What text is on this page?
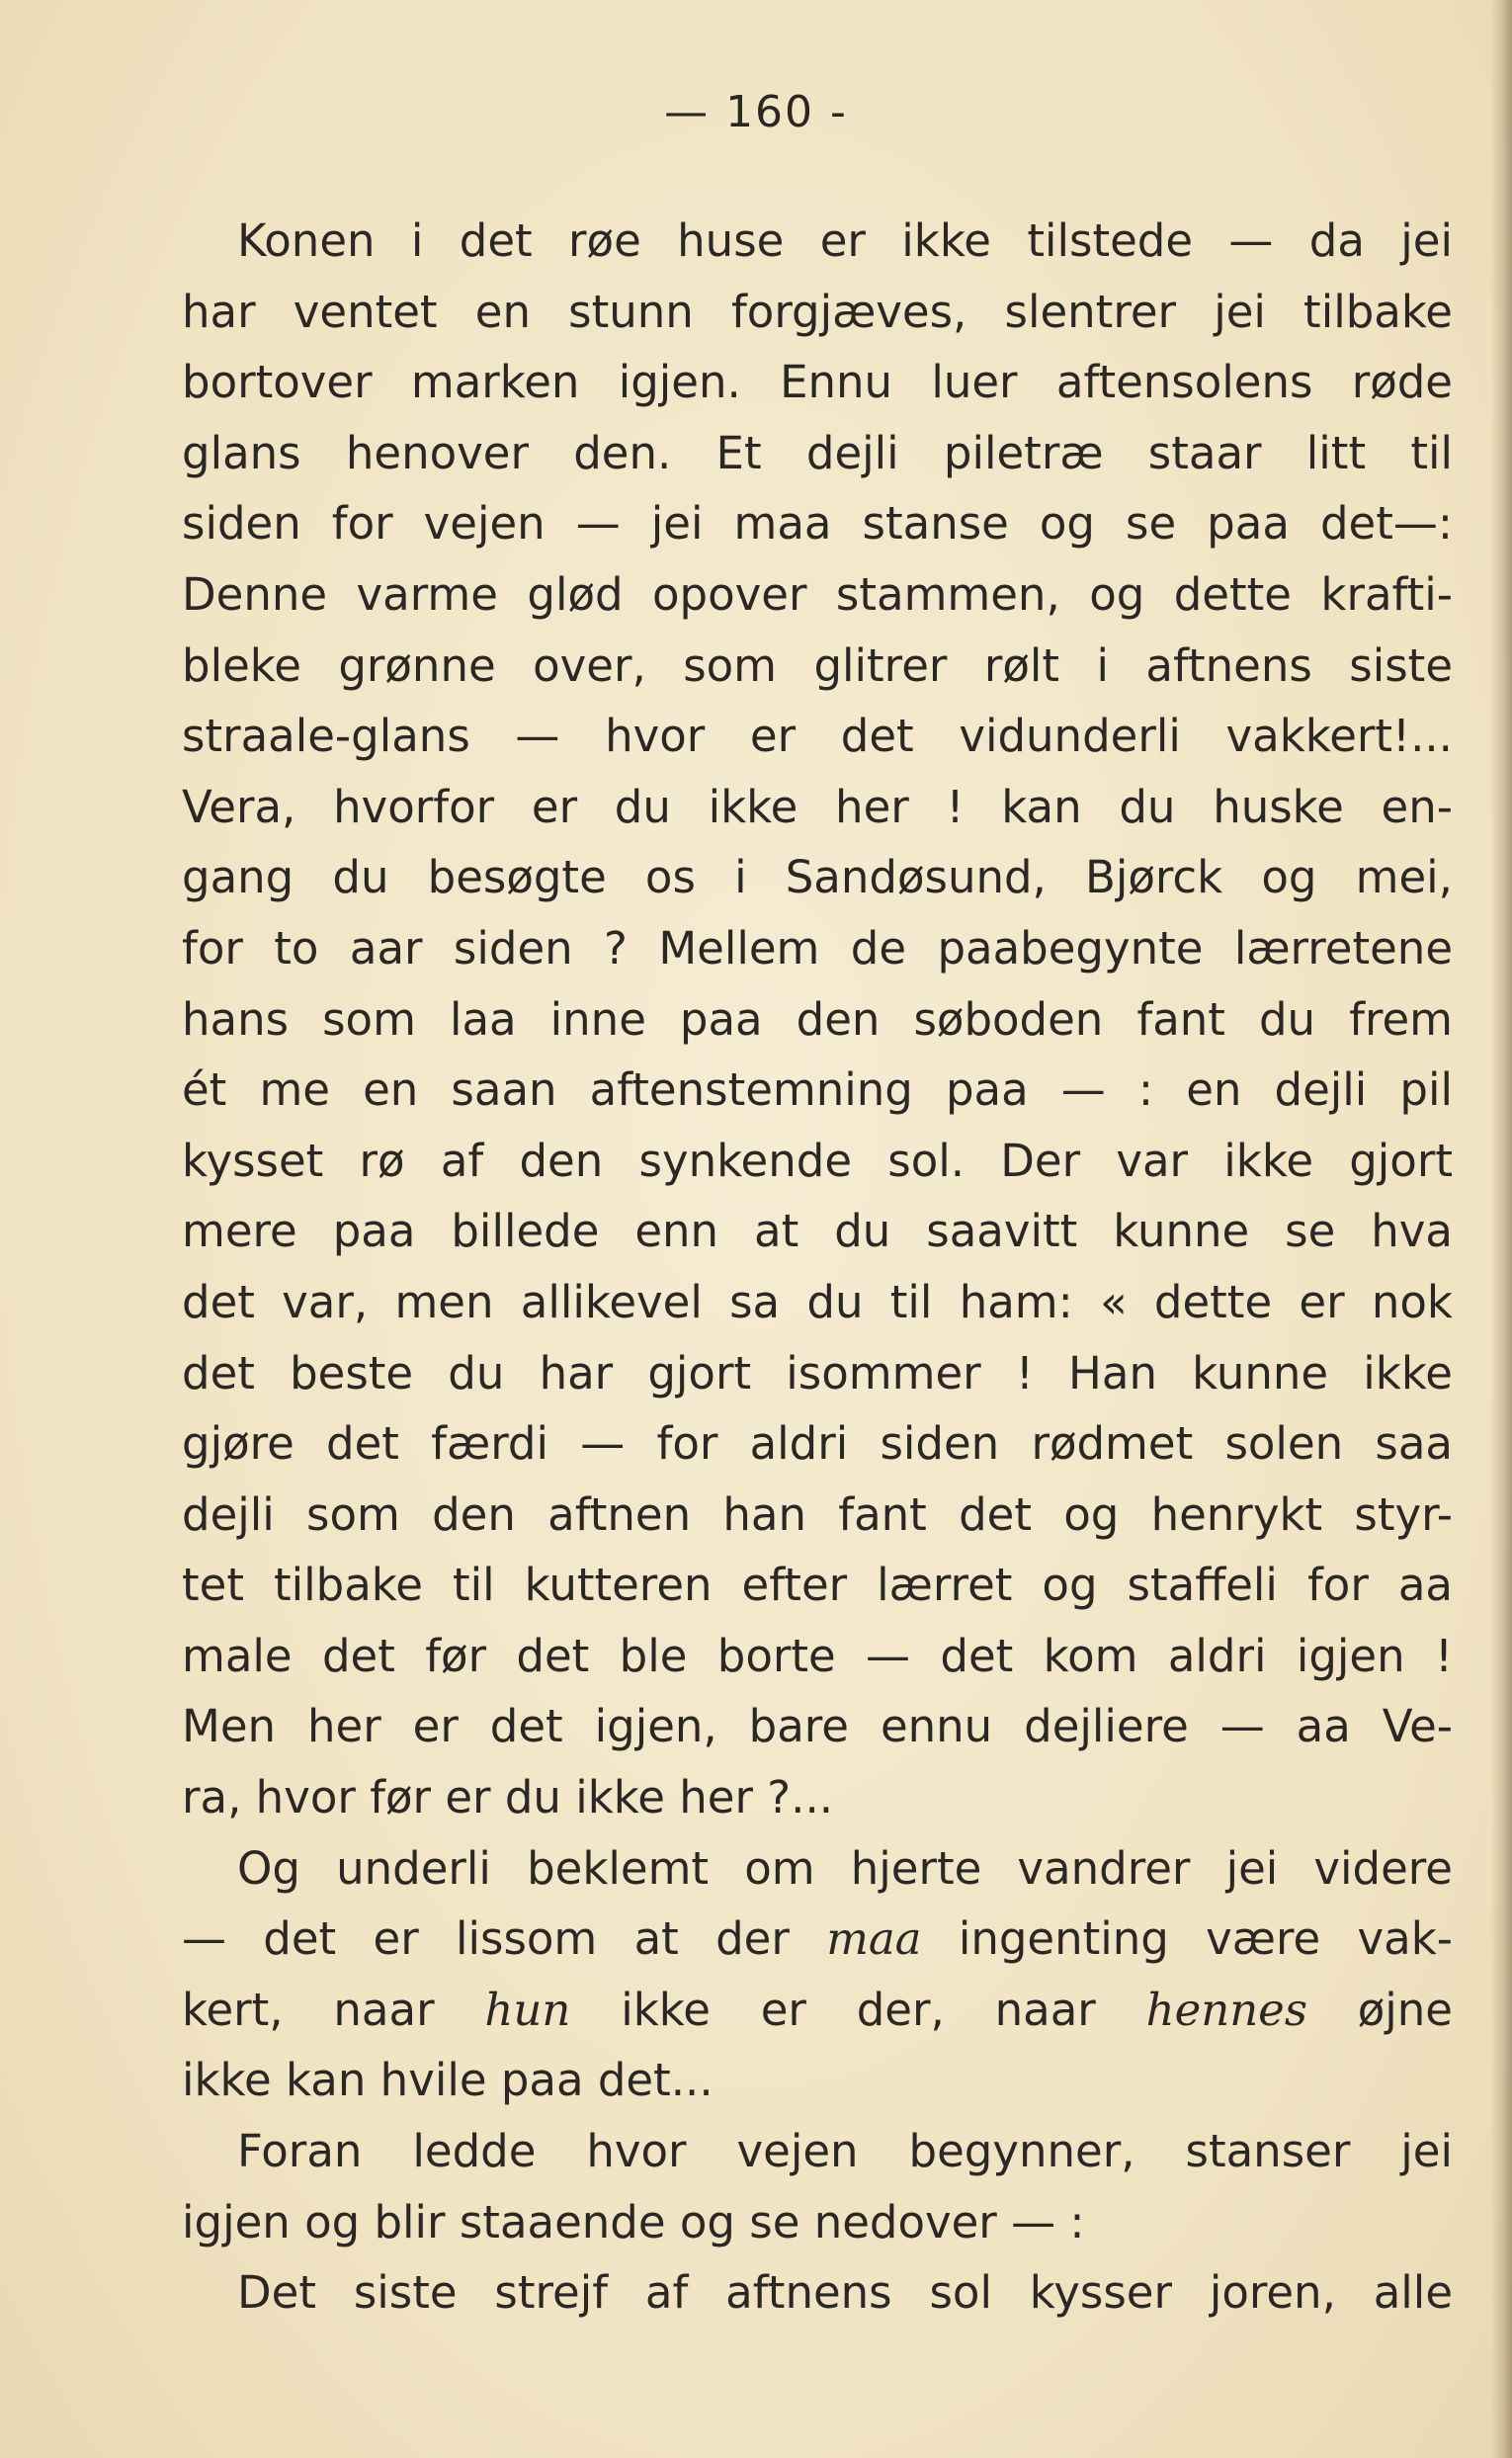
— 160 -
Konen i det røe huse er ikke tilstede — da jei
har ventet en stunn forgjæves, slentrer jei tilbake
bortover marken igjen. Ennu luer aftensolens røde
glans henover den. Et dejli piletræ staar litt til
siden for vejen — jei maa stanse og se paa det—:
Denne varme glød opover stammen, og dette krafti-
bleke grønne over, som glitrer rølt i aftnens siste
straale-glans — hvor er det vidunderli vakkert!...
Vera, hvorfor er du ikke her ! kan du huske en-
gang du besøgte os i Sandøsund, Bjørck og mei,
for to aar siden ? Mellem de paabegynte lærretene
hans som laa inne paa den søboden fant du frem
ét me en saan aftenstemning paa — : en dejli pil
kysset rø af den synkende sol. Der var ikke gjort
mere paa billede enn at du saavitt kunne se hva
det var, men allikevel sa du til ham: « dette er nok
det beste du har gjort isommer ! Han kunne ikke
gjøre det færdi — for aldri siden rødmet solen saa
dejli som den aftnen han fant det og henrykt styr-
tet tilbake til kutteren efter lærret og staffeli for aa
male det før det ble borte — det kom aldri igjen !
Men her er det igjen, bare ennu dejliere — aa Ve-
ra, hvor før er du ikke her ?...
Og underli beklemt om hjerte vandrer jei videre
— det er lissom at der maa ingenting være vak-
kert, naar hun ikke er der, naar hennes øjne
ikke kan hvile paa det...
Foran ledde hvor vejen begynner, stanser jei
igjen og blir staaende og se nedover — :
Det siste strejf af aftnens sol kysser joren, alle
